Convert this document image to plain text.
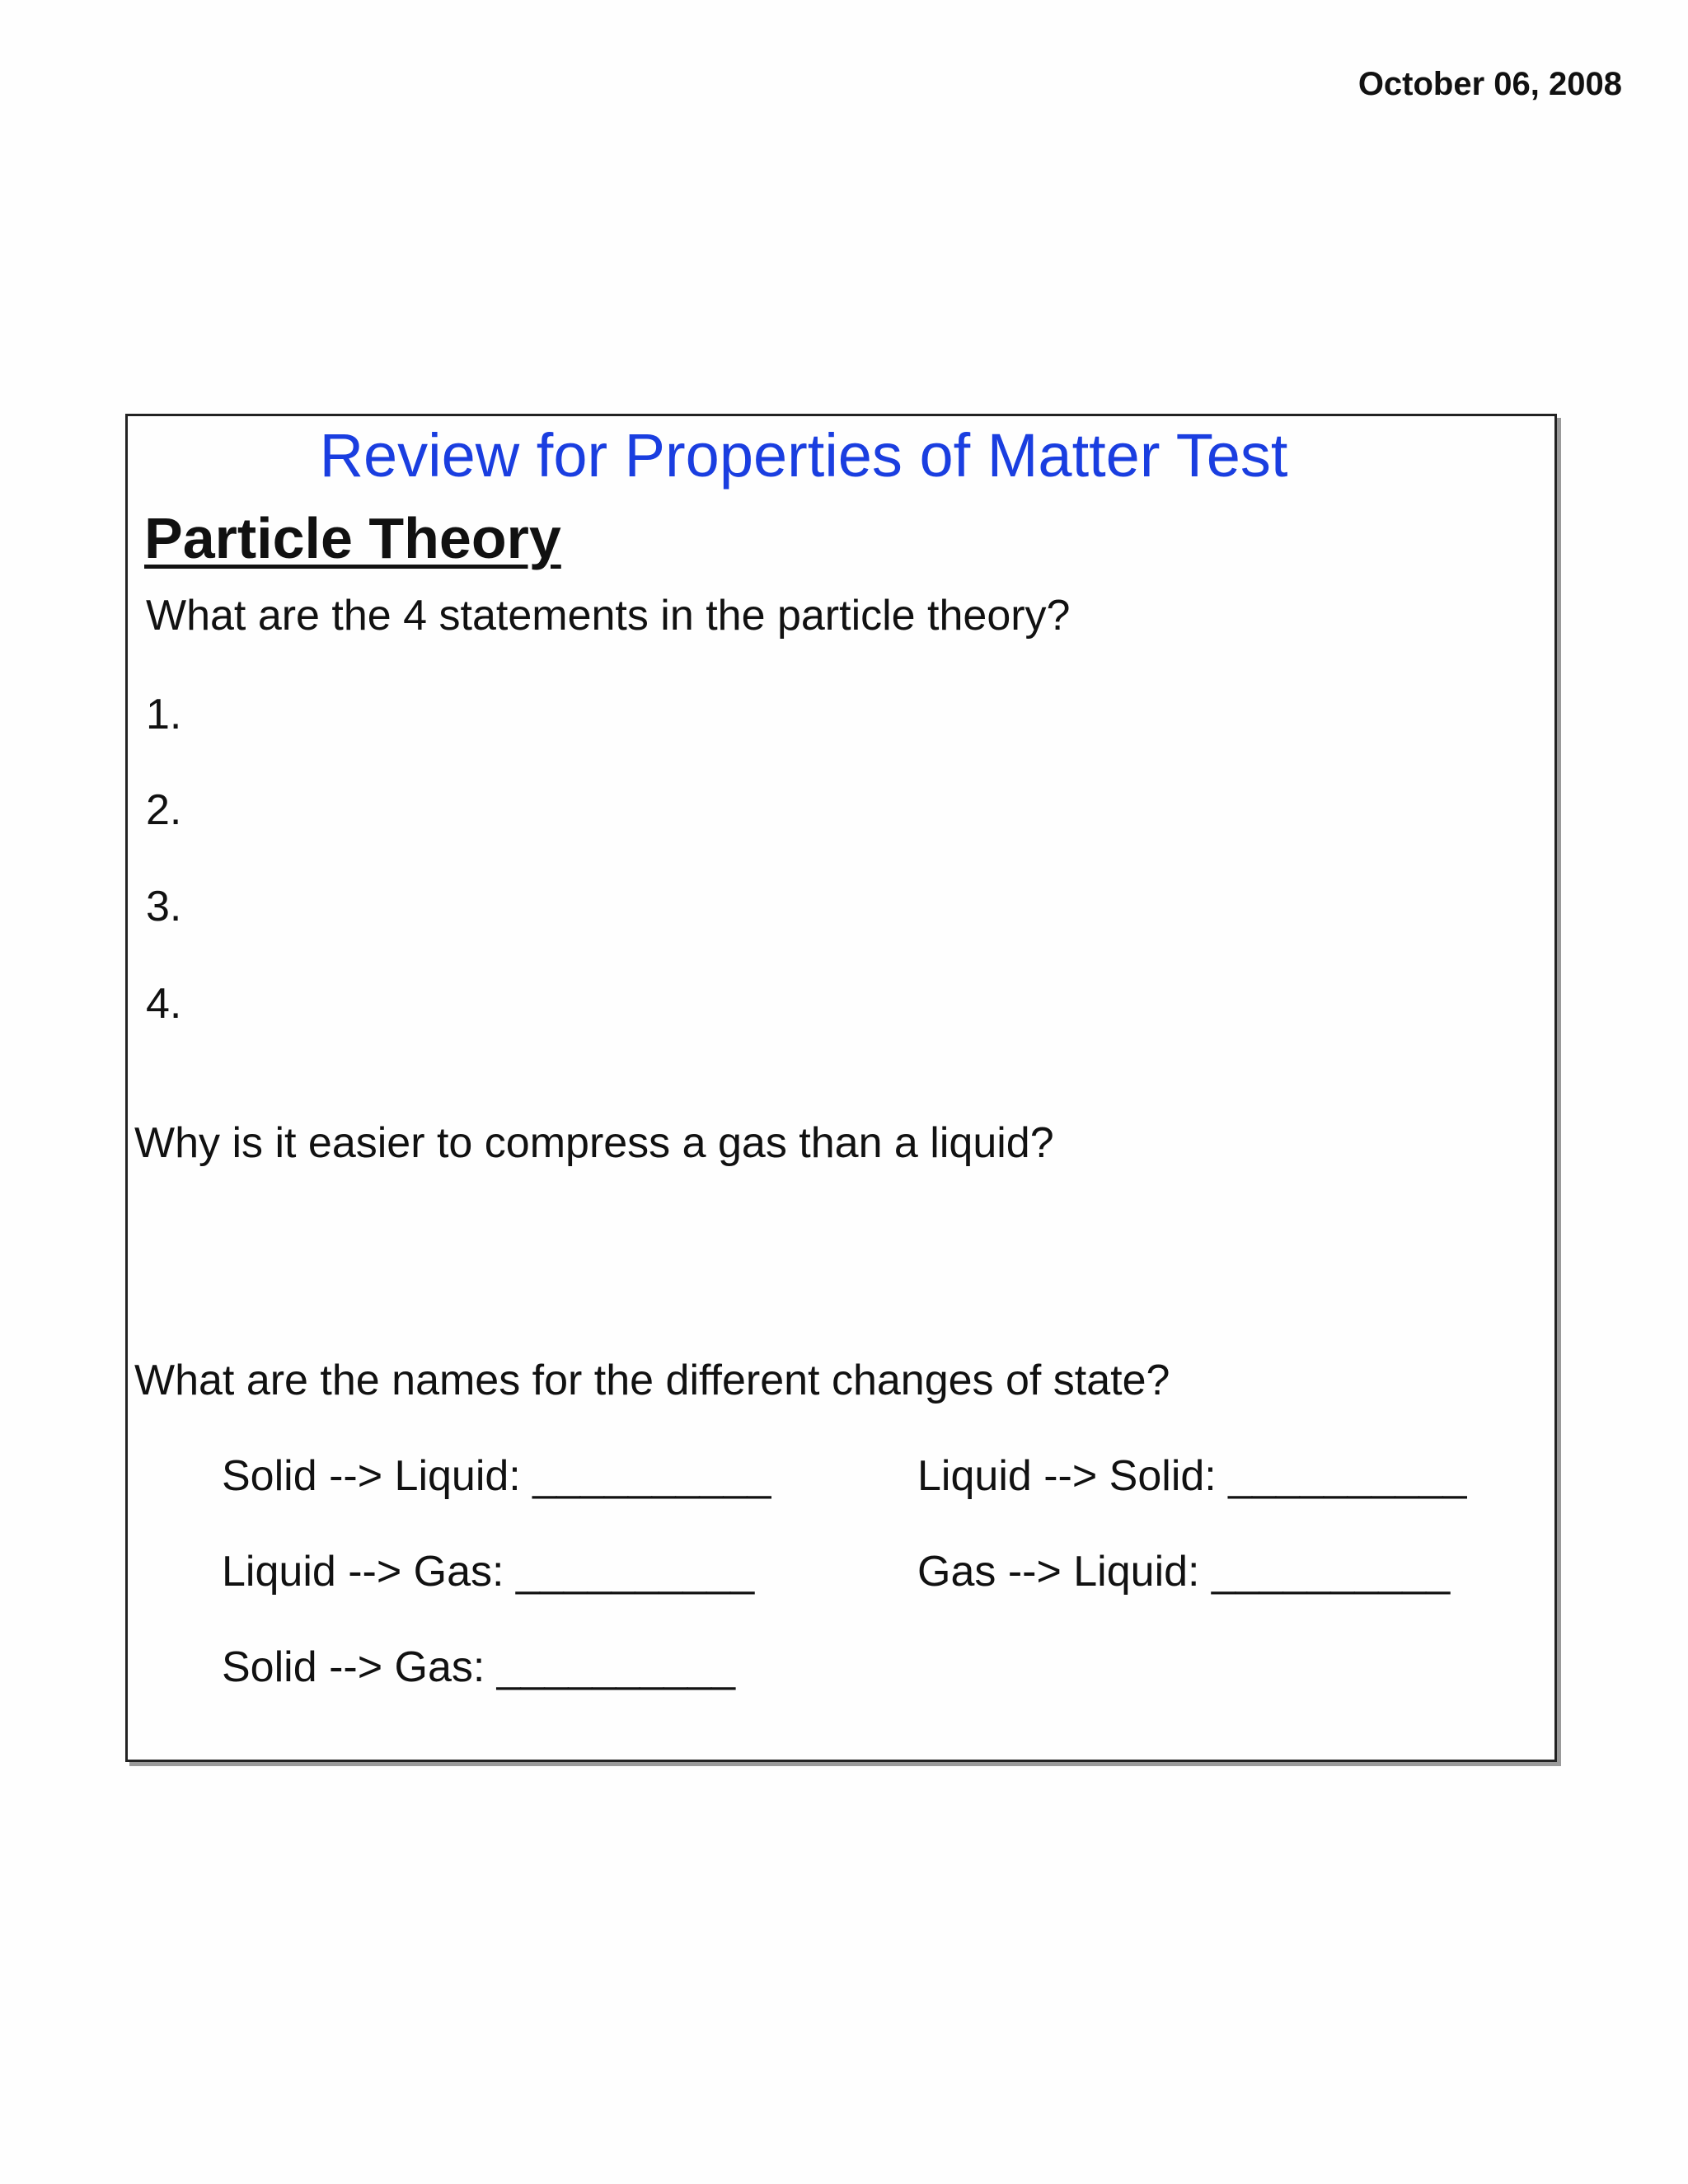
October 06, 2008
Review for Properties of Matter Test
Particle Theory
What are the 4 statements in the particle theory?
1.
2.
3.
4.
Why is it easier to compress a gas than a liquid?
What are the names for the different changes of state?
Solid --> Liquid: __________	Liquid --> Solid: __________
Liquid --> Gas: __________	Gas --> Liquid: __________
Solid --> Gas: __________
